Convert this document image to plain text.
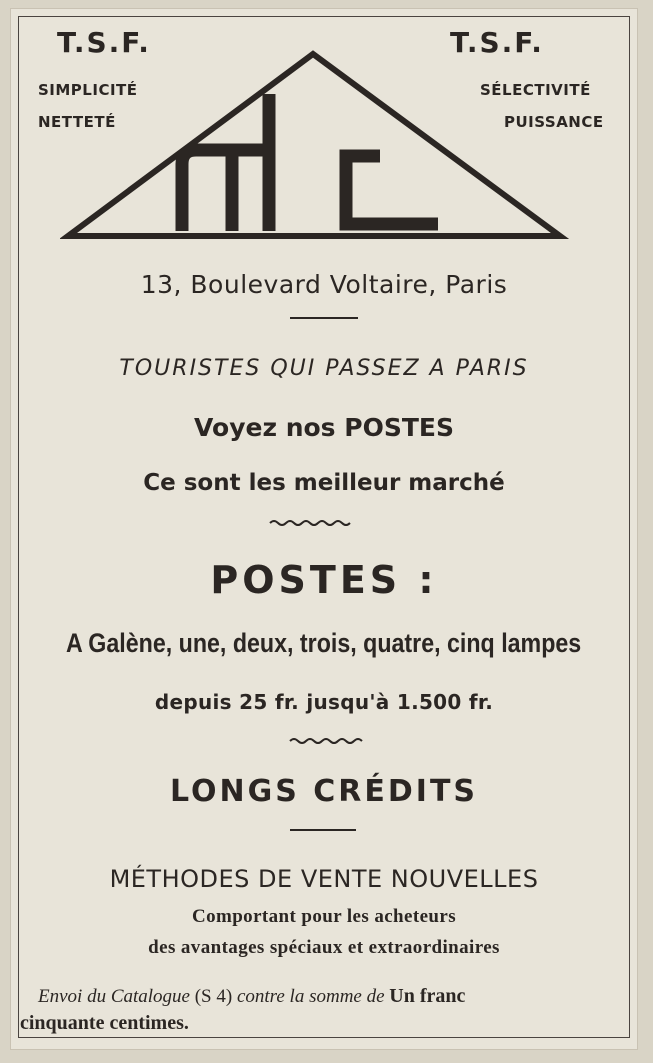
T.S.F.
SIMPLICITÉ
NETTETÉ
T.S.F.
SÉLECTIVITÉ
PUISSANCE
13, Boulevard Voltaire, Paris
TOURISTES QUI PASSEZ A PARIS
Voyez nos POSTES
Ce sont les meilleur marché
POSTES :
A Galène, une, deux, trois, quatre, cinq lampes
depuis 25 fr. jusqu'à 1.500 fr.
LONGS CRÉDITS
MÉTHODES DE VENTE NOUVELLES
Comportant pour les acheteurs
des avantages spéciaux et extraordinaires
Envoi du Catalogue (S 4) contre la somme de Un franc
cinquante centimes.
